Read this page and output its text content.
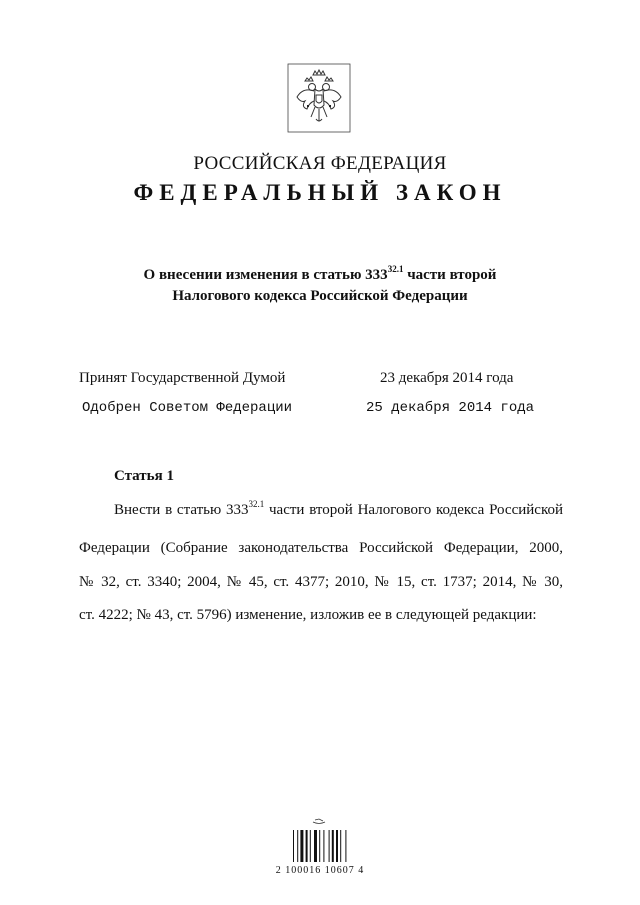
РОССИЙСКАЯ ФЕДЕРАЦИЯ
ФЕДЕРАЛЬНЫЙ ЗАКОН
О внесении изменения в статью $333^{32.1}$ части второй
Налогового кодекса Российской Федерации
Принят Государственной Думой	23 декабря 2014 года
Одобрен Советом Федерации	25 декабря 2014 года
Статья 1
Внести в статью $333^{32.1}$ части второй Налогового кодекса Российской
Федерации (Собрание законодательства Российской Федерации, 2000,
№ 32, ст. 3340; 2004, № 45, ст. 4377; 2010, № 15, ст. 1737; 2014, № 30,
ст. 4222; № 43, ст. 5796) изменение, изложив ее в следующей редакции:
2 100016 10607 4
